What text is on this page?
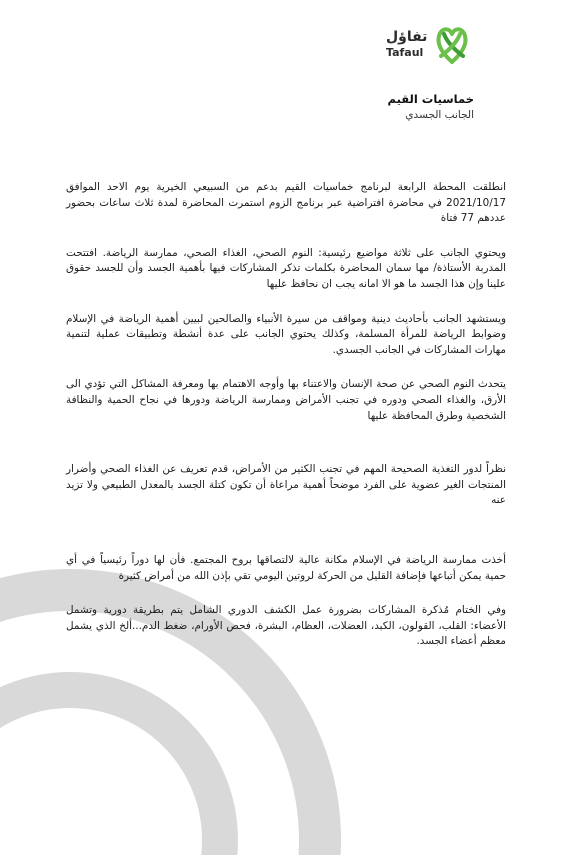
تفاؤل
Tafaul
خماسيات القيم
الجانب الجسدي

انطلقت المحطة الرابعة لبرنامج خماسيات القيم بدعم من السبيعي الخيرية يوم الاحد الموافق 2021/10/17 في محاضرة افتراضية عبر برنامج الزوم استمرت المحاضرة لمدة ثلاث ساعات بحضور عددهم 77 فتاة

ويحتوي الجانب على ثلاثة مواضيع رئيسية: النوم الصحي، الغذاء الصحي، ممارسة الرياضة. افتتحت المدربة الأستاذة/ مها سمان المحاضرة بكلمات تذكر المشاركات فيها بأهمية الجسد وأن للجسد حقوق علينا وإن هذا الجسد ما هو الا امانه يجب ان نحافظ عليها

ويستشهد الجانب بأحاديث دينية ومواقف من سيرة الأنبياء والصالحين لبيين أهمية الرياضة في الإسلام وضوابط الرياضة للمرأة المسلمة، وكذلك يحتوي الجانب على عدة أنشطة وتطبيقات عملية لتنمية مهارات المشاركات في الجانب الجسدي.

يتحدث النوم الصحي عن صحة الإنسان والاعتناء بها وأوجه الاهتمام بها ومعرفة المشاكل التي تؤدي الى الأرق، والغذاء الصحي ودوره في تجنب الأمراض وممارسة الرياضة ودورها في نجاح الحمية والنظافة الشخصية وطرق المحافظة عليها

نظراً لدور التغذية الصحيحة المهم في تجنب الكثير من الأمراض، قدم تعريف عن الغذاء الصحي وأضرار المنتجات الغير عضوية على الفرد موضحاً أهمية مراعاة أن تكون كتلة الجسد بالمعدل الطبيعي ولا تزيد عنه

أخذت ممارسة الرياضة في الإسلام مكانة عالية لالتصاقها بروح المجتمع. فأن لها دوراً رئيسياً في أي حمية يمكن أتباعها فإضافة القليل من الحركة لروتين اليومي تقي بإذن الله من أمراض كثيرة

وفي الختام مُذكرة المشاركات بضرورة عمل الكشف الدوري الشامل يتم بطريقة دورية وتشمل الأعضاء: القلب، القولون، الكبد، العضلات، العظام، البشرة، فحص الأورام، ضغط الدم...ألخ الذي يشمل معظم أعضاء الجسد.
